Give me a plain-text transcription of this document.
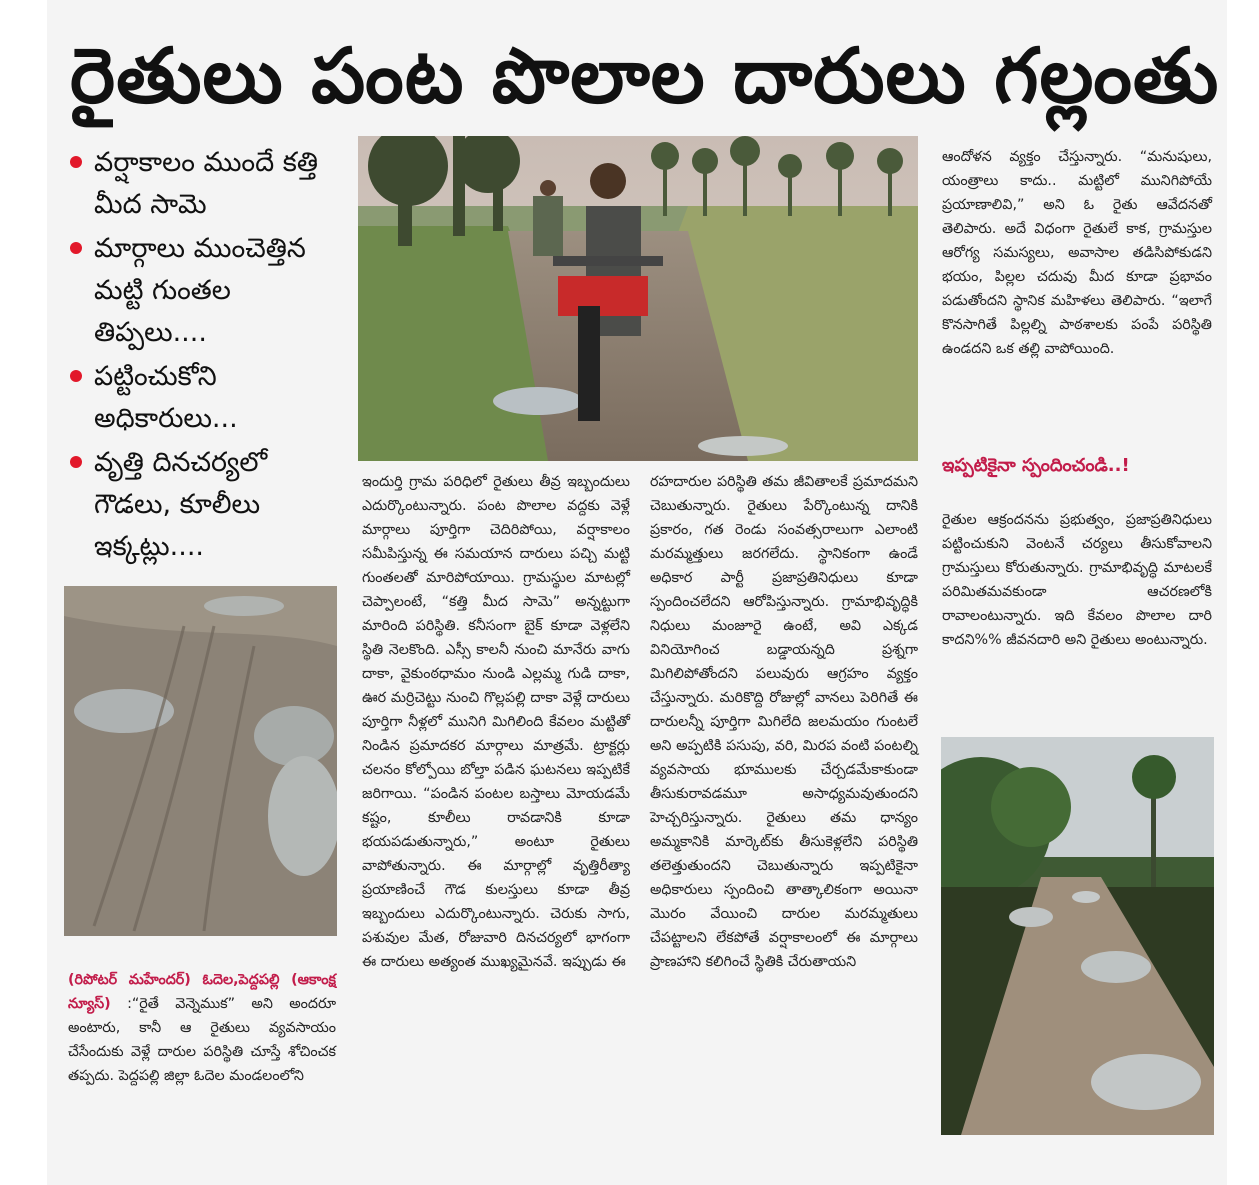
రైతులు పంట పొలాల దారులు గల్లంతు
వర్షాకాలం ముందే కత్తి మీద సామె
మార్గాలు ముంచెత్తిన మట్టి గుంతల తిప్పలు....
పట్టించుకోని అధికారులు...
వృత్తి దినచర్యలో గౌడలు, కూలీలు ఇక్కట్లు....
(రిపోటర్ మహేందర్) ఓదెల,పెద్దపల్లి (ఆకాంక్ష న్యూస్) :“రైతే వెన్నెముక” అని అందరూ అంటారు, కానీ ఆ రైతులు వ్యవసాయం చేసేందుకు వెళ్లే దారుల పరిస్థితి చూస్తే శోచించక తప్పదు. పెద్దపల్లి జిల్లా ఓదెల మండలంలోని
ఇందుర్తి గ్రామ పరిధిలో రైతులు తీవ్ర ఇబ్బందులు ఎదుర్కొంటున్నారు. పంట పొలాల వద్దకు వెళ్లే మార్గాలు పూర్తిగా చెదిరిపోయి, వర్షాకాలం సమీపిస్తున్న ఈ సమయాన దారులు పచ్చి మట్టి గుంతలతో మారిపోయాయి. గ్రామస్థుల మాటల్లో చెప్పాలంటే, “కత్తి మీద సామె” అన్నట్టుగా మారింది పరిస్థితి. కనీసంగా బైక్ కూడా వెళ్లలేని స్థితి నెలకొంది. ఎస్సీ కాలనీ నుంచి మానేరు వాగు దాకా, వైకుంఠధామం నుండి ఎల్లమ్మ గుడి దాకా, ఊర మర్రిచెట్టు నుంచి గొల్లపల్లి దాకా వెళ్లే దారులు పూర్తిగా నీళ్లలో మునిగి మిగిలింది కేవలం మట్టితో నిండిన ప్రమాదకర మార్గాలు మాత్రమే. ట్రాక్టర్లు చలనం కోల్పోయి బోల్తా పడిన ఘటనలు ఇప్పటికే జరిగాయి. “పండిన పంటల బస్తాలు మోయడమే కష్టం, కూలీలు రావడానికి కూడా భయపడుతున్నారు,” అంటూ రైతులు వాపోతున్నారు. ఈ మార్గాల్లో వృత్తిరీత్యా ప్రయాణించే గౌడ కులస్తులు కూడా తీవ్ర ఇబ్బందులు ఎదుర్కొంటున్నారు. చెరుకు సాగు, పశువుల మేత, రోజువారి దినచర్యలో భాగంగా ఈ దారులు అత్యంత ముఖ్యమైనవే. ఇప్పుడు ఈ
రహదారుల పరిస్థితి తమ జీవితాలకే ప్రమాదమని చెబుతున్నారు. రైతులు పేర్కొంటున్న దానికి ప్రకారం, గత రెండు సంవత్సరాలుగా ఎలాంటి మరమ్మత్తులు జరగలేదు. స్థానికంగా ఉండే అధికార పార్టీ ప్రజాప్రతినిధులు కూడా స్పందించలేదని ఆరోపిస్తున్నారు. గ్రామాభివృద్ధికి నిధులు మంజూరై ఉంటే, అవి ఎక్కడ వినియోగించ బడ్డాయన్నది ప్రశ్నగా మిగిలిపోతోందని పలువురు ఆగ్రహం వ్యక్తం చేస్తున్నారు. మరికొద్ది రోజుల్లో వానలు పెరిగితే ఈ దారులన్నీ పూర్తిగా మిగిలేది జలమయం గుంటలే అని అప్పటికి పసుపు, వరి, మిరప వంటి పంటల్ని వ్యవసాయ భూములకు చేర్చడమేకాకుండా తీసుకురావడమూ అసాధ్యమవుతుందని హెచ్చరిస్తున్నారు. రైతులు తమ ధాన్యం అమ్మకానికి మార్కెట్‌కు తీసుకెళ్లలేని పరిస్థితి తలెత్తుతుందని చెబుతున్నారు ఇప్పటికైనా అధికారులు స్పందించి తాత్కాలికంగా అయినా మొరం వేయించి దారుల మరమ్మతులు చేపట్టాలని లేకపోతే వర్షాకాలంలో ఈ మార్గాలు ప్రాణహాని కలిగించే స్థితికి చేరుతాయని
ఆందోళన వ్యక్తం చేస్తున్నారు. “మనుషులు, యంత్రాలు కాదు.. మట్టిలో మునిగిపోయే ప్రయాణాలివి,” అని ఓ రైతు ఆవేదనతో తెలిపారు. అదే విధంగా రైతులే కాక, గ్రామస్తుల ఆరోగ్య సమస్యలు, అవాసాల తడిసిపోకుడని భయం, పిల్లల చదువు మీద కూడా ప్రభావం పడుతోందని స్థానిక మహిళలు తెలిపారు. “ఇలాగే కొనసాగితే పిల్లల్ని పాఠశాలకు పంపే పరిస్థితి ఉండదని ఒక తల్లి వాపోయింది.
ఇప్పటికైనా స్పందించండి..!
రైతుల ఆక్రందనను ప్రభుత్వం, ప్రజాప్రతినిధులు పట్టించుకుని వెంటనే చర్యలు తీసుకోవాలని గ్రామస్తులు కోరుతున్నారు. గ్రామాభివృద్ధి మాటలకే పరిమితమవకుండా ఆచరణలోకి రావాలంటున్నారు. ఇది కేవలం పొలాల దారి కాదని%% జీవనదారి అని రైతులు అంటున్నారు.
